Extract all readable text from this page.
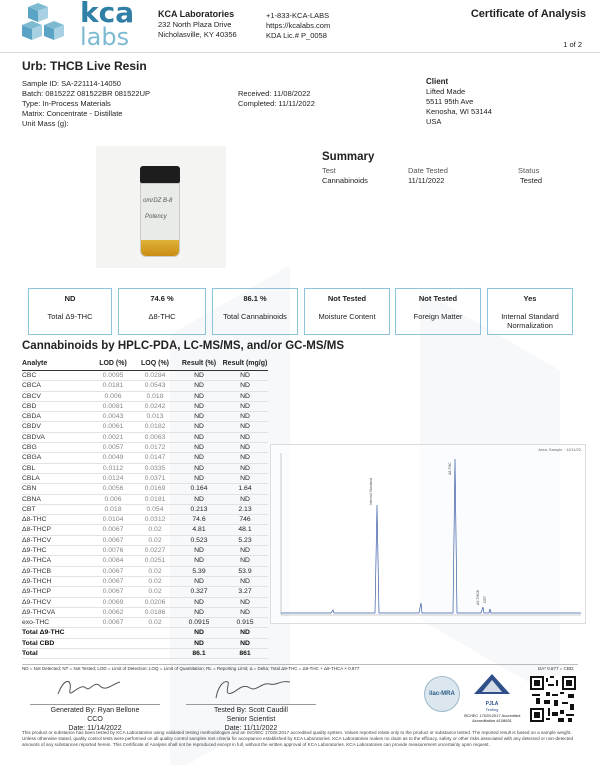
kca
labs
KCA Laboratories
232 North Plaza Drive
Nicholasville, KY 40356
+1-833-KCA-LABS
https://kcalabs.com
KDA Lic.# P_0058
Certificate of Analysis
1 of 2
Urb: THCB Live Resin
Sample ID: SA-221114-14050
Batch: 081522Z 081522BR 081522UP
Type: In-Process Materials
Matrix: Concentrate - Distillate
Unit Mass (g):
Received: 11/08/2022
Completed: 11/11/2022
Client
Lifted Made
5511 95th Ave
Kenosha, WI 53144
USA
omrDZ B-8
Potency
Summary
Test	Date Tested	Status
Cannabinoids	11/11/2022	Tested
ND
Total Δ9-THC
74.6 %
Δ8-THC
86.1 %
Total Cannabinoids
Not Tested
Moisture Content
Not Tested
Foreign Matter
Yes
Internal Standard Normalization
Cannabinoids by HPLC-PDA, LC-MS/MS, and/or GC-MS/MS
Analyte	LOD (%)	LOQ (%)	Result (%)	Result (mg/g)
CBC	0.0095	0.0284	ND	ND
CBCA	0.0181	0.0543	ND	ND
CBCV	0.006	0.018	ND	ND
CBD	0.0081	0.0242	ND	ND
CBDA	0.0043	0.013	ND	ND
CBDV	0.0061	0.0182	ND	ND
CBDVA	0.0021	0.0063	ND	ND
CBG	0.0057	0.0172	ND	ND
CBGA	0.0049	0.0147	ND	ND
CBL	0.0112	0.0335	ND	ND
CBLA	0.0124	0.0371	ND	ND
CBN	0.0056	0.0169	0.164	1.64
CBNA	0.006	0.0181	ND	ND
CBT	0.018	0.054	0.213	2.13
Δ8-THC	0.0104	0.0312	74.6	746
Δ8-THCP	0.0067	0.02	4.81	48.1
Δ8-THCV	0.0067	0.02	0.523	5.23
Δ9-THC	0.0076	0.0227	ND	ND
Δ9-THCA	0.0084	0.0251	ND	ND
Δ9-THCB	0.0067	0.02	5.39	53.9
Δ9-THCH	0.0067	0.02	ND	ND
Δ9-THCP	0.0067	0.02	0.327	3.27
Δ9-THCV	0.0069	0.0206	ND	ND
Δ9-THCVA	0.0062	0.0186	ND	ND
exo-THC	0.0067	0.02	0.0915	0.915
Total Δ9-THC			ND	ND
Total CBD			ND	ND
Total			86.1	861
Area: Sample · 11/11/22
Internal Standard
Δ8-THC
Δ9-THCB CBT
ND = Not Detected; NT = Not Tested; LOD = Limit of Detection; LOQ = Limit of Quantitation; RL = Reporting Limit; Δ = Delta; Total Δ9-THC = Δ9-THC + Δ9-THCA × 0.877	DA* 0.877 = CBD;
Generated By: Ryan Bellone
CCO
Date: 11/14/2022
Tested By: Scott Caudill
Senior Scientist
Date: 11/11/2022
ilac-MRA
PJLA
Testing
ISO/IEC 17025:2017 Accredited
Accreditation #108651
This product or substance has been tested by KCA Laboratories using validated testing methodologies and an ISO/IEC 17025:2017 accredited quality system. Values reported relate only to the product or substance tested. The reported result is based on a sample weight. Unless otherwise stated, quality control tests were performed on all quality control samples met criteria for acceptance established by KCA Laboratories. KCA Laboratories makes no claim as to the efficacy, safety or other risks associated with any detected or non-detected amounts of any substances reported herein. This Certificate of Analysis shall not be reproduced except in full, without the written approval of KCA Laboratories. KCA Laboratories can provide measurement uncertainty upon request.
